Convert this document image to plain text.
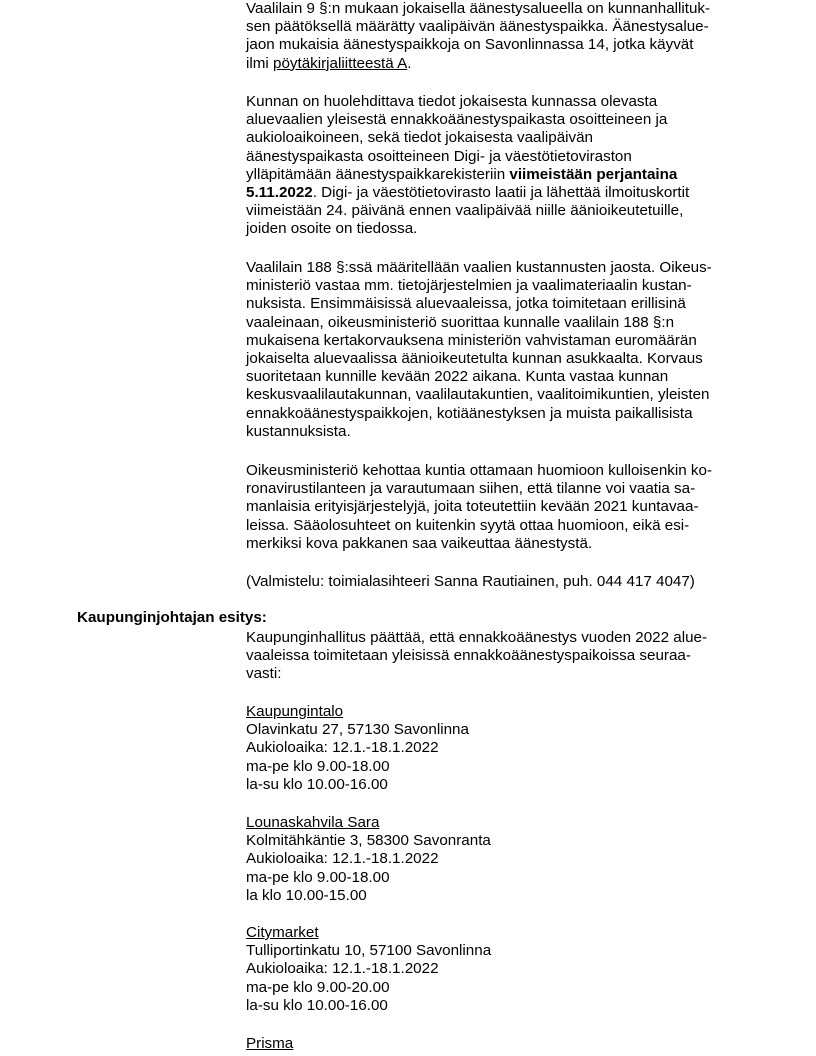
Vaalilain 9 §:n mukaan jokaisella äänestysalueella on kunnanhallituk-
sen päätöksellä määrätty vaalipäivän äänestyspaikka. Äänestysalue-
jaon mukaisia äänestyspaikkoja on Savonlinnassa 14, jotka käyvät
ilmi pöytäkirjaliitteestä A.
Kunnan on huolehdittava tiedot jokaisesta kunnassa olevasta
aluevaalien yleisestä ennakkoäänestyspaikasta osoitteineen ja
aukioloaikoineen, sekä tiedot jokaisesta vaalipäivän
äänestyspaikasta osoitteineen Digi- ja väestötietoviraston
ylläpitämään äänestyspaikkarekisteriin viimeistään perjantaina
5.11.2022. Digi- ja väestötietovirasto laatii ja lähettää ilmoituskortit
viimeistään 24. päivänä ennen vaalipäivää niille äänioikeutetuille,
joiden osoite on tiedossa.
Vaalilain 188 §:ssä määritellään vaalien kustannusten jaosta. Oikeus-
ministeriö vastaa mm. tietojärjestelmien ja vaalimateriaalin kustan-
nuksista. Ensimmäisissä aluevaaleissa, jotka toimitetaan erillisinä
vaaleinaan, oikeusministeriö suorittaa kunnalle vaalilain 188 §:n
mukaisena kertakorvauksena ministeriön vahvistaman euromäärän
jokaiselta aluevaalissa äänioikeutetulta kunnan asukkaalta. Korvaus
suoritetaan kunnille kevään 2022 aikana. Kunta vastaa kunnan
keskusvaalilautakunnan, vaalilautakuntien, vaalitoimikuntien, yleisten
ennakkoäänestyspaikkojen, kotiäänestyksen ja muista paikallisista
kustannuksista.
Oikeusministeriö kehottaa kuntia ottamaan huomioon kulloisenkin ko-
ronavirustilanteen ja varautumaan siihen, että tilanne voi vaatia sa-
manlaisia erityisjärjestelyjä, joita toteutettiin kevään 2021 kuntavaa-
leissa. Sääolosuhteet on kuitenkin syytä ottaa huomioon, eikä esi-
merkiksi kova pakkanen saa vaikeuttaa äänestystä.
(Valmistelu: toimialasihteeri Sanna Rautiainen, puh. 044 417 4047)
Kaupunginjohtajan esitys:
Kaupunginhallitus päättää, että ennakkoäänestys vuoden 2022 alue-
vaaleissa toimitetaan yleisissä ennakkoäänestyspaikoissa seuraa-
vasti:
Kaupungintalo
Olavinkatu 27, 57130 Savonlinna
Aukioloaika: 12.1.-18.1.2022
ma-pe klo 9.00-18.00
la-su klo 10.00-16.00
Lounaskahvila Sara
Kolmitähkäntie 3, 58300 Savonranta
Aukioloaika: 12.1.-18.1.2022
ma-pe klo 9.00-18.00
la klo 10.00-15.00
Citymarket
Tulliportinkatu 10, 57100 Savonlinna
Aukioloaika: 12.1.-18.1.2022
ma-pe klo 9.00-20.00
la-su klo 10.00-16.00
Prisma
